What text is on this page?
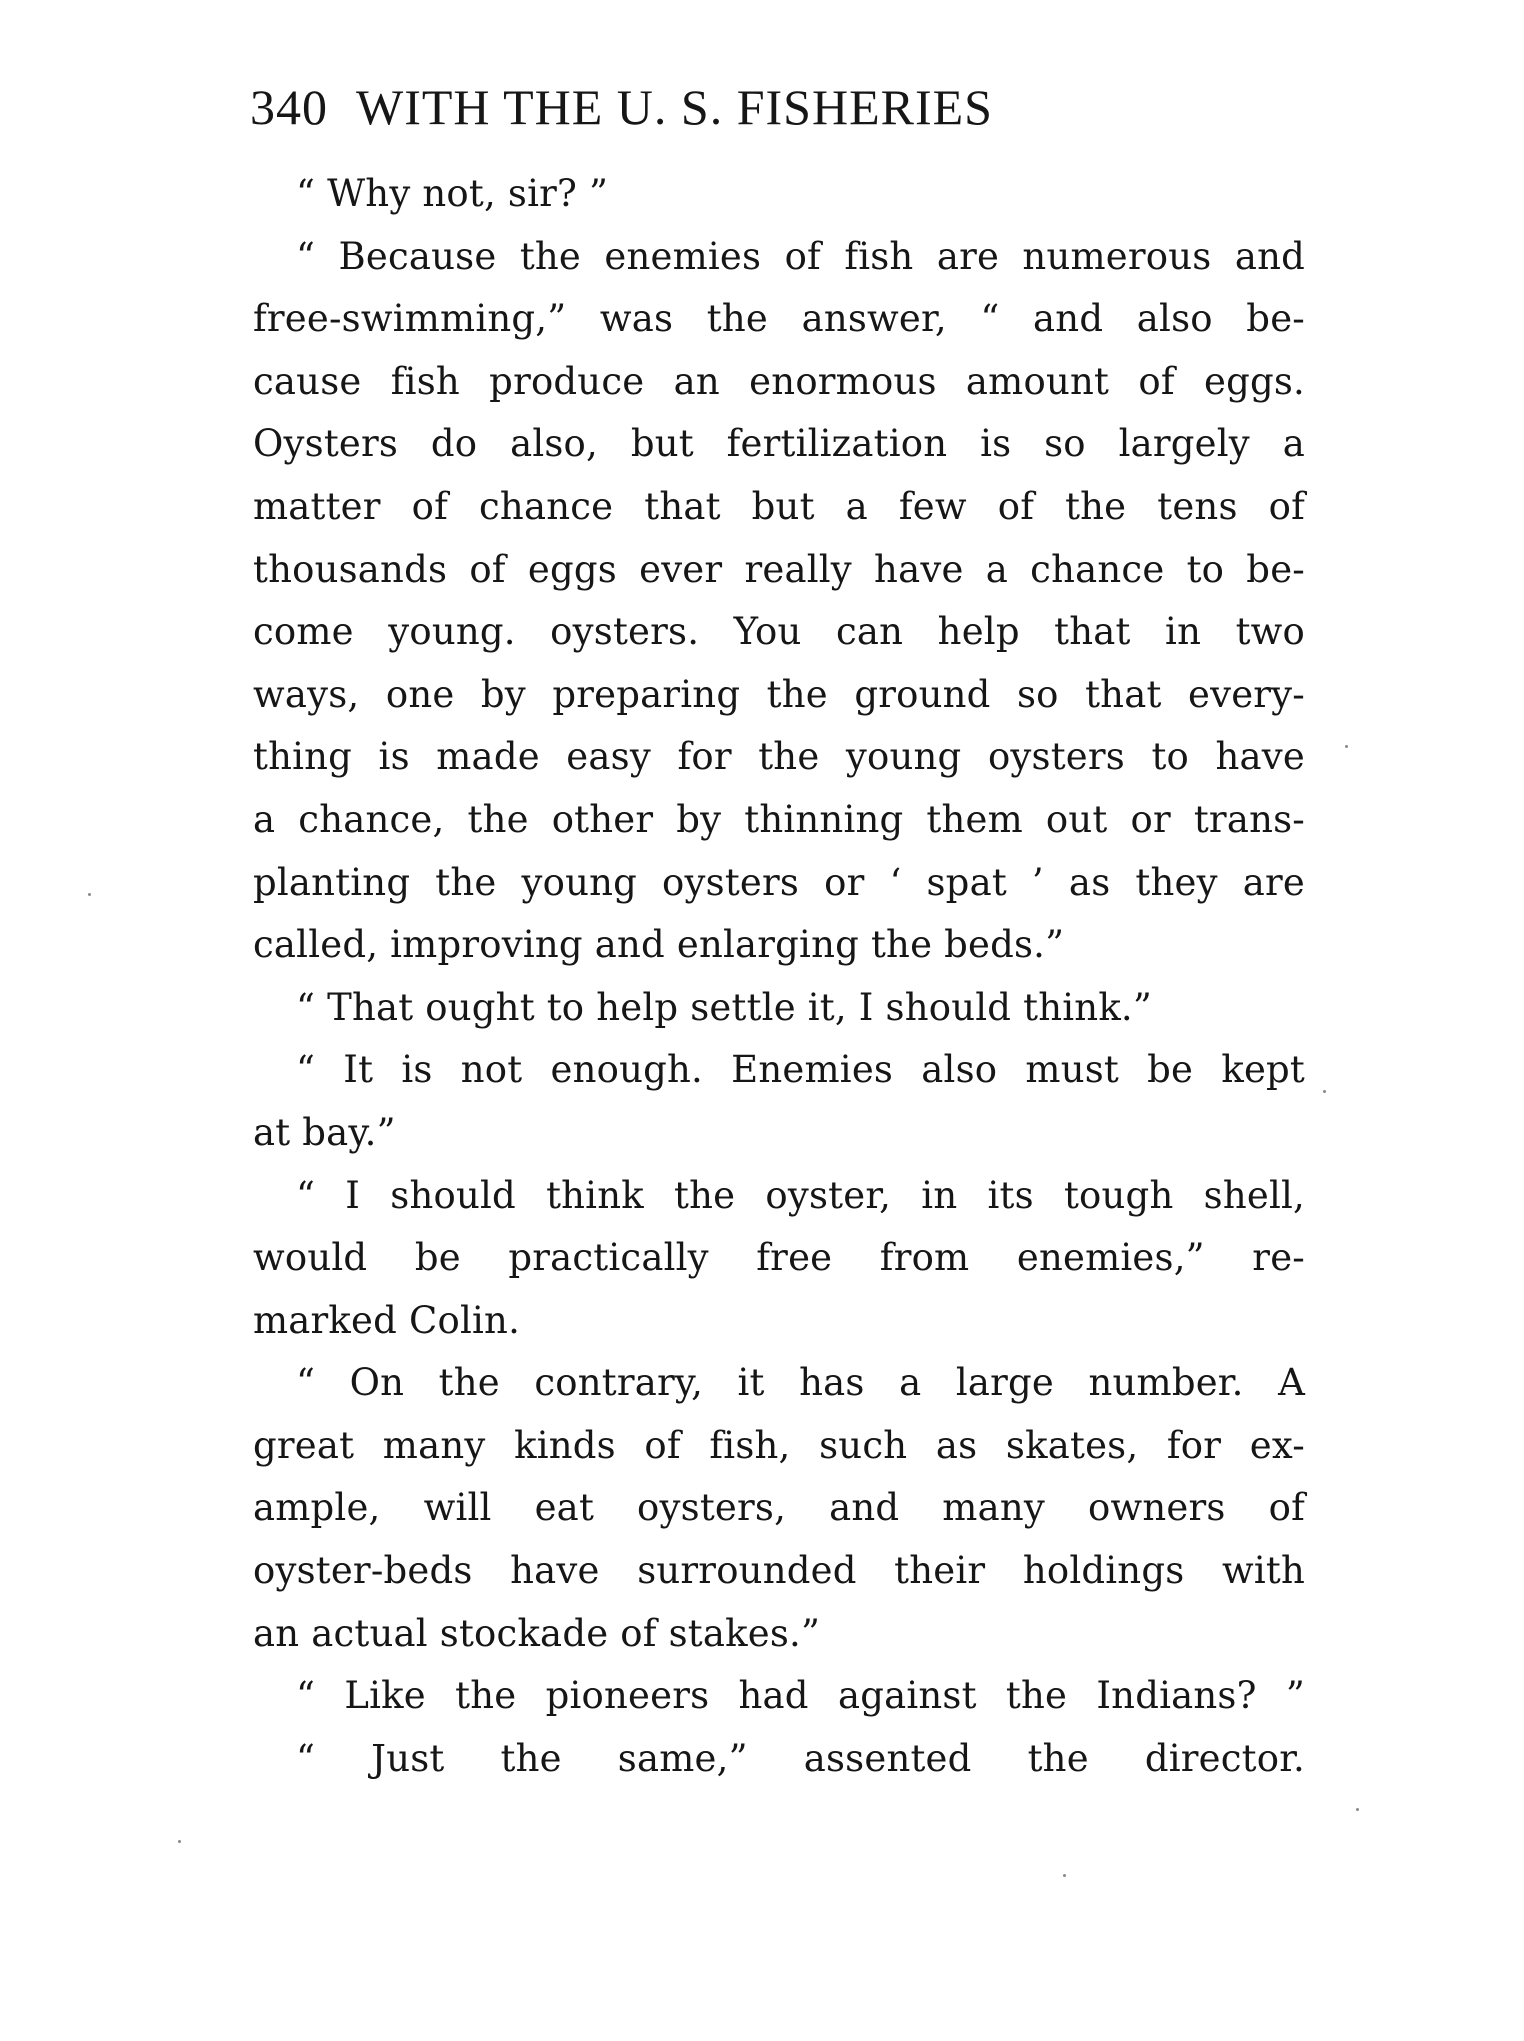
340 WITH THE U. S. FISHERIES
“ Why not, sir? ”
“ Because the enemies of fish are numerous and
free-swimming,” was the answer, “ and also be-
cause fish produce an enormous amount of eggs.
Oysters do also, but fertilization is so largely a
matter of chance that but a few of the tens of
thousands of eggs ever really have a chance to be-
come young. oysters. You can help that in two
ways, one by preparing the ground so that every-
thing is made easy for the young oysters to have
a chance, the other by thinning them out or trans-
planting the young oysters or ‘ spat ’ as they are
called, improving and enlarging the beds.”
“ That ought to help settle it, I should think.”
“ It is not enough. Enemies also must be kept
at bay.”
“ I should think the oyster, in its tough shell,
would be practically free from enemies,” re-
marked Colin.
“ On the contrary, it has a large number. A
great many kinds of fish, such as skates, for ex-
ample, will eat oysters, and many owners of
oyster-beds have surrounded their holdings with
an actual stockade of stakes.”
“ Like the pioneers had against the Indians? ”
“ Just the same,” assented the director.
